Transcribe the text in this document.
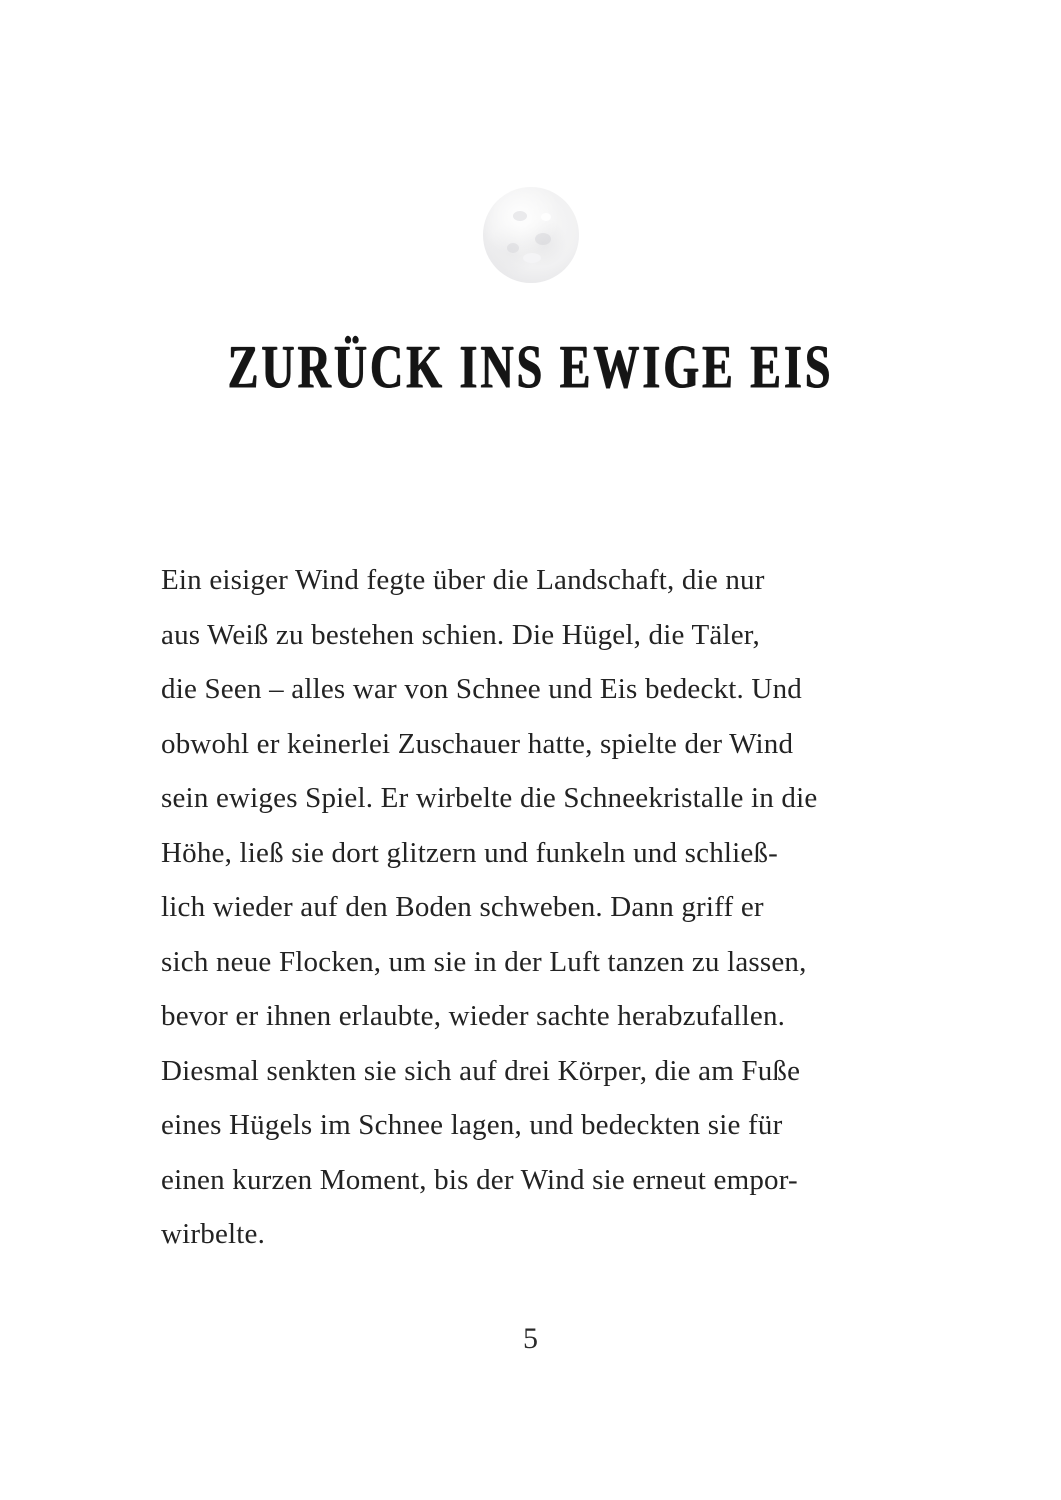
ZURÜCK INS EWIGE EIS
Ein eisiger Wind fegte über die Landschaft, die nur
aus Weiß zu bestehen schien. Die Hügel, die Täler,
die Seen – alles war von Schnee und Eis bedeckt. Und
obwohl er keinerlei Zuschauer hatte, spielte der Wind
sein ewiges Spiel. Er wirbelte die Schneekristalle in die
Höhe, ließ sie dort glitzern und funkeln und schließ-
lich wieder auf den Boden schweben. Dann griff er
sich neue Flocken, um sie in der Luft tanzen zu lassen,
bevor er ihnen erlaubte, wieder sachte herabzufallen.
Diesmal senkten sie sich auf drei Körper, die am Fuße
eines Hügels im Schnee lagen, und bedeckten sie für
einen kurzen Moment, bis der Wind sie erneut empor-
wirbelte.
5
